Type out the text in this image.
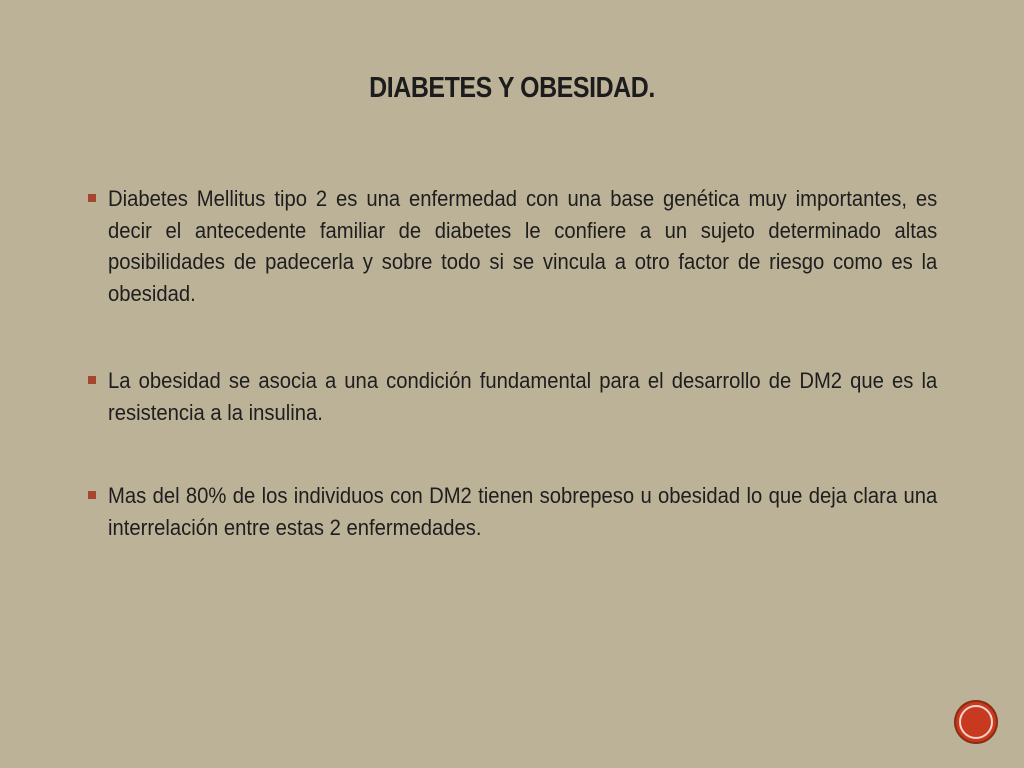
DIABETES Y OBESIDAD.
Diabetes Mellitus tipo 2 es una enfermedad con una base genética muy importantes, es decir el antecedente familiar de diabetes le confiere a un sujeto determinado altas posibilidades de padecerla y sobre todo si se vincula a otro factor de riesgo como es la obesidad.
La obesidad se asocia a una condición fundamental para el desarrollo de DM2 que es la resistencia a la insulina.
Mas del 80% de los individuos con DM2 tienen sobrepeso u obesidad lo que deja clara una interrelación entre estas 2 enfermedades.
